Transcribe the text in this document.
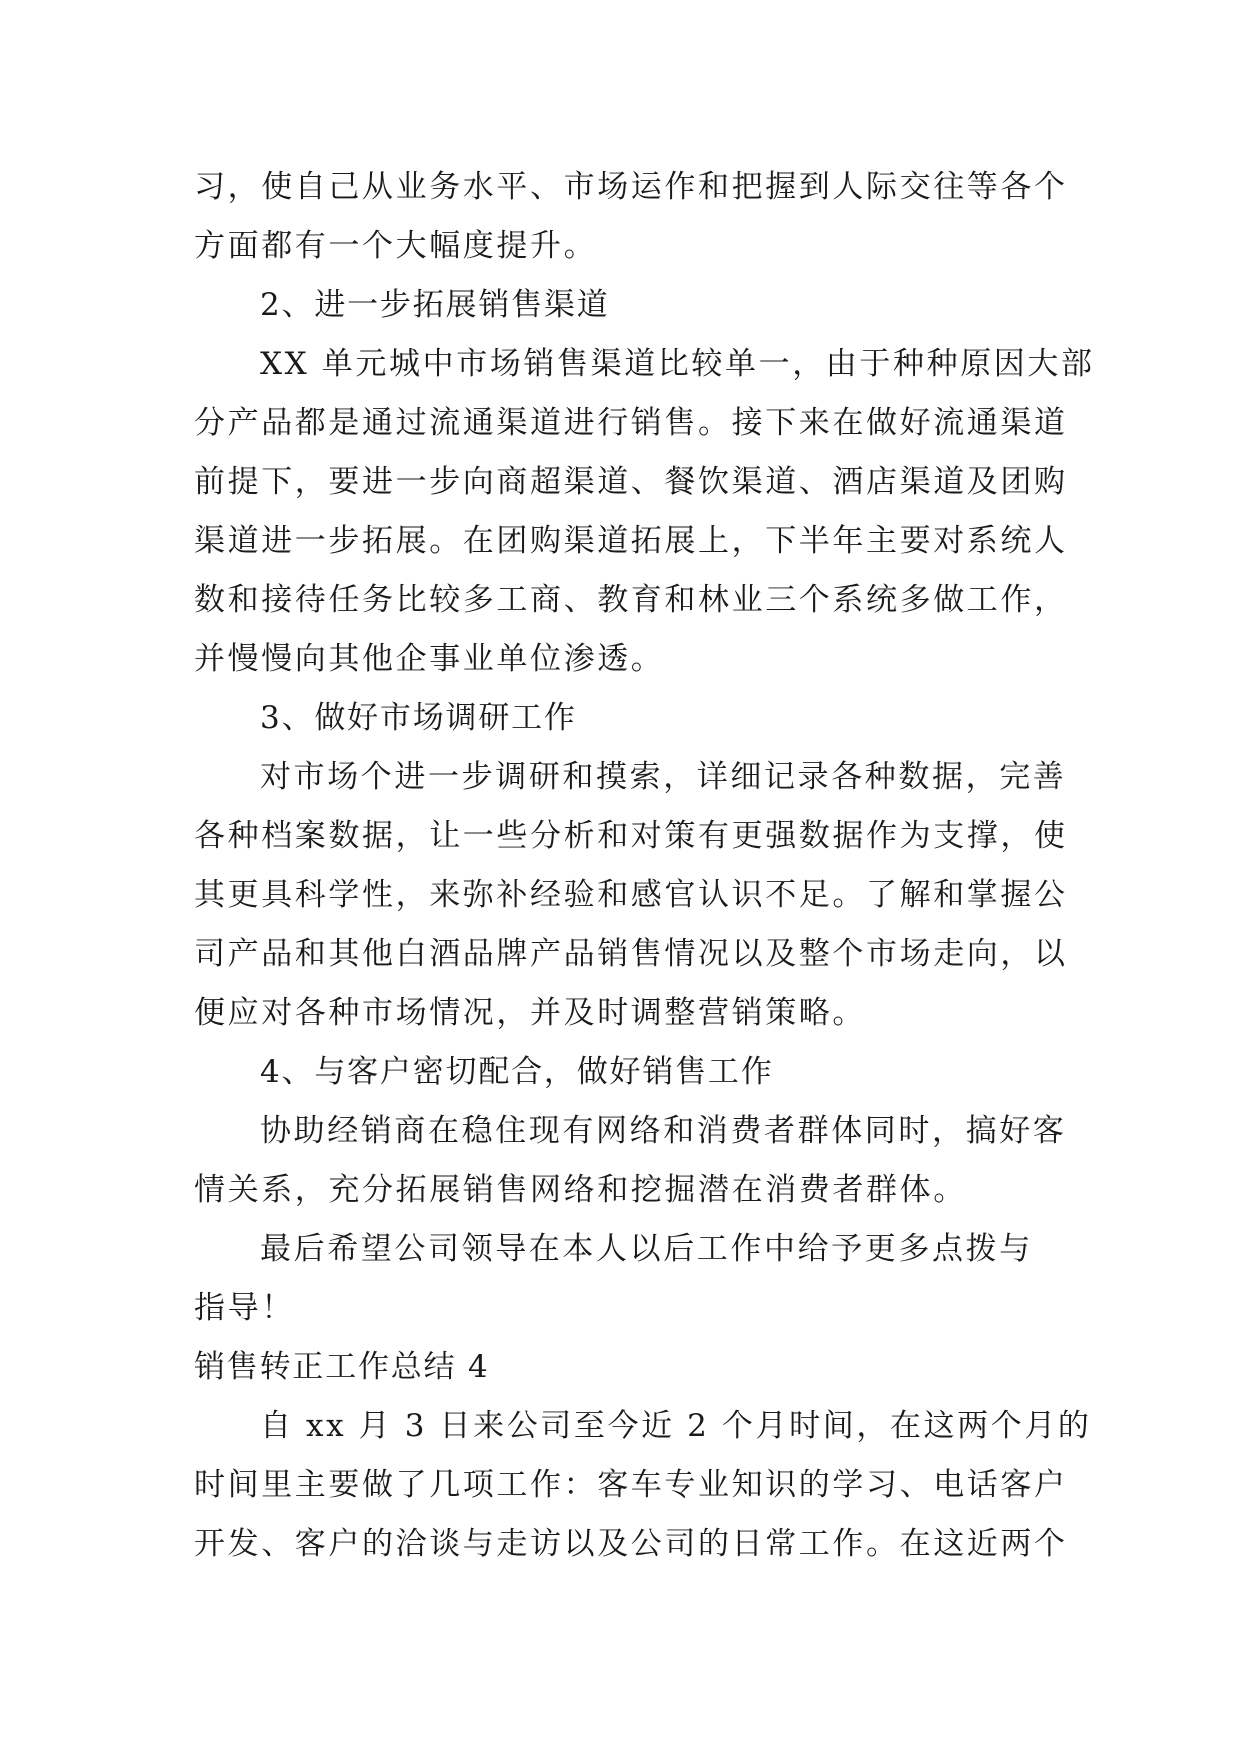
习，使自己从业务水平、市场运作和把握到人际交往等各个
方面都有一个大幅度提升。
2、进一步拓展销售渠道
XX 单元城中市场销售渠道比较单一，由于种种原因大部
分产品都是通过流通渠道进行销售。接下来在做好流通渠道
前提下，要进一步向商超渠道、餐饮渠道、酒店渠道及团购
渠道进一步拓展。在团购渠道拓展上，下半年主要对系统人
数和接待任务比较多工商、教育和林业三个系统多做工作，
并慢慢向其他企事业单位渗透。
3、做好市场调研工作
对市场个进一步调研和摸索，详细记录各种数据，完善
各种档案数据，让一些分析和对策有更强数据作为支撑，使
其更具科学性，来弥补经验和感官认识不足。了解和掌握公
司产品和其他白酒品牌产品销售情况以及整个市场走向，以
便应对各种市场情况，并及时调整营销策略。
4、与客户密切配合，做好销售工作
协助经销商在稳住现有网络和消费者群体同时，搞好客
情关系，充分拓展销售网络和挖掘潜在消费者群体。
最后希望公司领导在本人以后工作中给予更多点拨与
指导！
销售转正工作总结 4
自 xx 月 3 日来公司至今近 2 个月时间，在这两个月的
时间里主要做了几项工作：客车专业知识的学习、电话客户
开发、客户的洽谈与走访以及公司的日常工作。在这近两个
